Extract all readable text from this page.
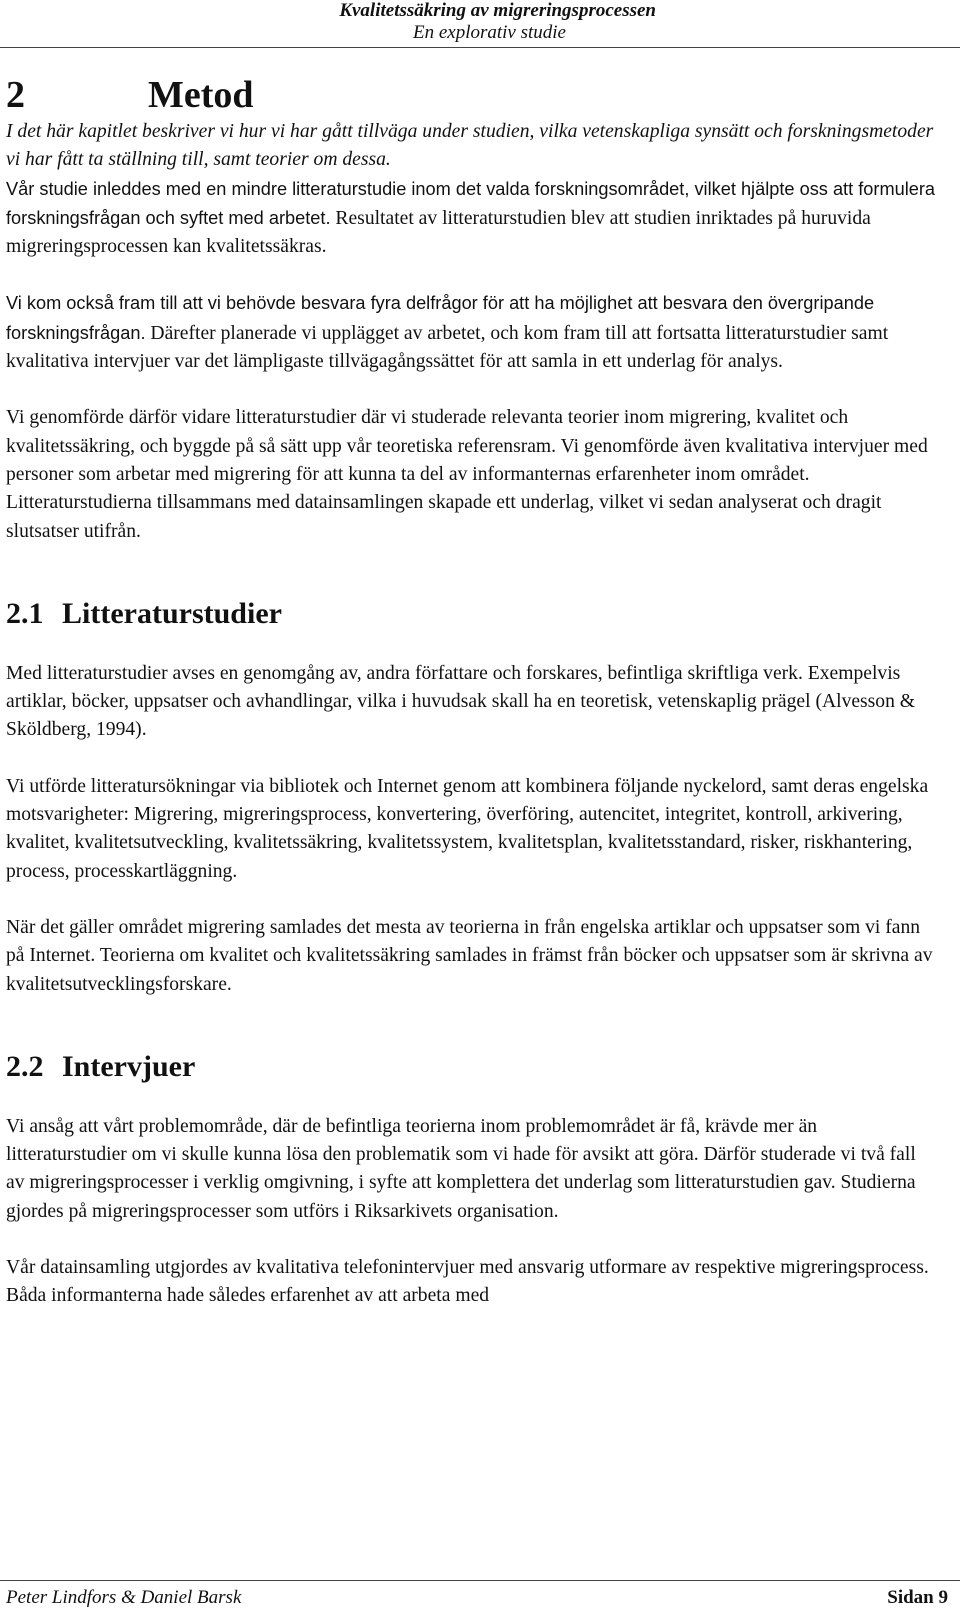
Kvalitetssäkring av migreringsprocessen
En explorativ studie
2	Metod

I det här kapitlet beskriver vi hur vi har gått tillväga under studien, vilka vetenskapliga synsätt och forskningsmetoder vi har fått ta ställning till, samt teorier om dessa.

Vår studie inleddes med en mindre litteraturstudie inom det valda forskningsområdet, vilket hjälpte oss att formulera forskningsfrågan och syftet med arbetet. Resultatet av litteraturstudien blev att studien inriktades på huruvida migreringsprocessen kan kvalitetssäkras.

Vi kom också fram till att vi behövde besvara fyra delfrågor för att ha möjlighet att besvara den övergripande forskningsfrågan. Därefter planerade vi upplägget av arbetet, och kom fram till att fortsatta litteraturstudier samt kvalitativa intervjuer var det lämpligaste tillvägagångssättet för att samla in ett underlag för analys.

Vi genomförde därför vidare litteraturstudier där vi studerade relevanta teorier inom migrering, kvalitet och kvalitetssäkring, och byggde på så sätt upp vår teoretiska referensram. Vi genomförde även kvalitativa intervjuer med personer som arbetar med migrering för att kunna ta del av informanternas erfarenheter inom området. Litteraturstudierna tillsammans med datainsamlingen skapade ett underlag, vilket vi sedan analyserat och dragit slutsatser utifrån.

2.1 Litteraturstudier

Med litteraturstudier avses en genomgång av, andra författare och forskares, befintliga skriftliga verk. Exempelvis artiklar, böcker, uppsatser och avhandlingar, vilka i huvudsak skall ha en teoretisk, vetenskaplig prägel (Alvesson & Sköldberg, 1994).

Vi utförde litteratursökningar via bibliotek och Internet genom att kombinera följande nyckelord, samt deras engelska motsvarigheter: Migrering, migreringsprocess, konvertering, överföring, autencitet, integritet, kontroll, arkivering, kvalitet, kvalitetsutveckling, kvalitetssäkring, kvalitetssystem, kvalitetsplan, kvalitetsstandard, risker, riskhantering, process, processkartläggning.

När det gäller området migrering samlades det mesta av teorierna in från engelska artiklar och uppsatser som vi fann på Internet. Teorierna om kvalitet och kvalitetssäkring samlades in främst från böcker och uppsatser som är skrivna av kvalitetsutvecklingsforskare.

2.2 Intervjuer

Vi ansåg att vårt problemområde, där de befintliga teorierna inom problemområdet är få, krävde mer än litteraturstudier om vi skulle kunna lösa den problematik som vi hade för avsikt att göra. Därför studerade vi två fall av migreringsprocesser i verklig omgivning, i syfte att komplettera det underlag som litteraturstudien gav. Studierna gjordes på migreringsprocesser som utförs i Riksarkivets organisation.

Vår datainsamling utgjordes av kvalitativa telefonintervjuer med ansvarig utformare av respektive migreringsprocess. Båda informanterna hade således erfarenhet av att arbeta med

Peter Lindfors & Daniel Barsk	Sidan 9
